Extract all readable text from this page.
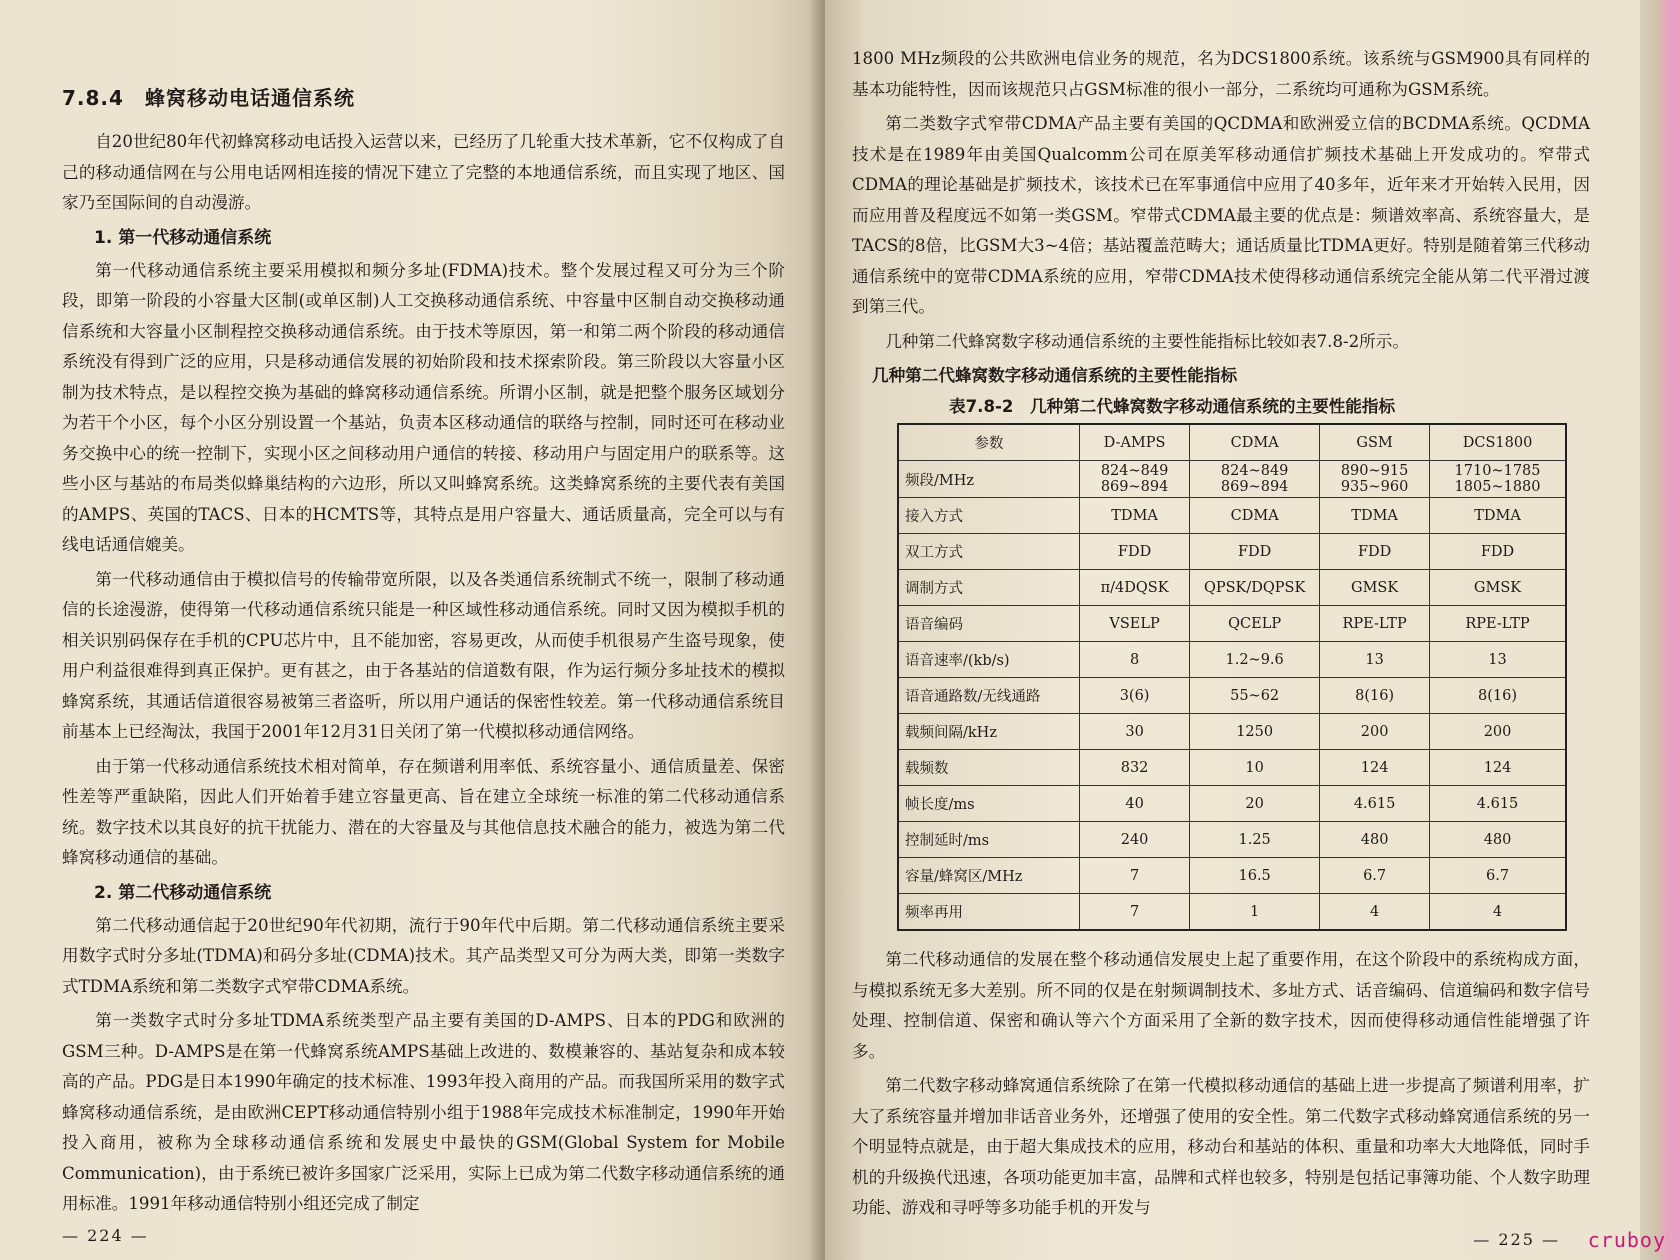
7.8.4　蜂窝移动电话通信系统

自20世纪80年代初蜂窝移动电话投入运营以来，已经历了几轮重大技术革新，它不仅构成了自己的移动通信网在与公用电话网相连接的情况下建立了完整的本地通信系统，而且实现了地区、国家乃至国际间的自动漫游。

1. 第一代移动通信系统

第一代移动通信系统主要采用模拟和频分多址(FDMA)技术。整个发展过程又可分为三个阶段，即第一阶段的小容量大区制(或单区制)人工交换移动通信系统、中容量中区制自动交换移动通信系统和大容量小区制程控交换移动通信系统。由于技术等原因，第一和第二两个阶段的移动通信系统没有得到广泛的应用，只是移动通信发展的初始阶段和技术探索阶段。第三阶段以大容量小区制为技术特点，是以程控交换为基础的蜂窝移动通信系统。所谓小区制，就是把整个服务区域划分为若干个小区，每个小区分别设置一个基站，负责本区移动通信的联络与控制，同时还可在移动业务交换中心的统一控制下，实现小区之间移动用户通信的转接、移动用户与固定用户的联系等。这些小区与基站的布局类似蜂巢结构的六边形，所以又叫蜂窝系统。这类蜂窝系统的主要代表有美国的AMPS、英国的TACS、日本的HCMTS等，其特点是用户容量大、通话质量高，完全可以与有线电话通信媲美。

第一代移动通信由于模拟信号的传输带宽所限，以及各类通信系统制式不统一，限制了移动通信的长途漫游，使得第一代移动通信系统只能是一种区域性移动通信系统。同时又因为模拟手机的相关识别码保存在手机的CPU芯片中，且不能加密，容易更改，从而使手机很易产生盗号现象，使用户利益很难得到真正保护。更有甚之，由于各基站的信道数有限，作为运行频分多址技术的模拟蜂窝系统，其通话信道很容易被第三者盗听，所以用户通话的保密性较差。第一代移动通信系统目前基本上已经淘汰，我国于2001年12月31日关闭了第一代模拟移动通信网络。

由于第一代移动通信系统技术相对简单，存在频谱利用率低、系统容量小、通信质量差、保密性差等严重缺陷，因此人们开始着手建立容量更高、旨在建立全球统一标准的第二代移动通信系统。数字技术以其良好的抗干扰能力、潜在的大容量及与其他信息技术融合的能力，被选为第二代蜂窝移动通信的基础。

2. 第二代移动通信系统

第二代移动通信起于20世纪90年代初期，流行于90年代中后期。第二代移动通信系统主要采用数字式时分多址(TDMA)和码分多址(CDMA)技术。其产品类型又可分为两大类，即第一类数字式TDMA系统和第二类数字式窄带CDMA系统。

第一类数字式时分多址TDMA系统类型产品主要有美国的D-AMPS、日本的PDG和欧洲的GSM三种。D-AMPS是在第一代蜂窝系统AMPS基础上改进的、数模兼容的、基站复杂和成本较高的产品。PDG是日本1990年确定的技术标准、1993年投入商用的产品。而我国所采用的数字式蜂窝移动通信系统，是由欧洲CEPT移动通信特别小组于1988年完成技术标准制定，1990年开始投入商用，被称为全球移动通信系统和发展史中最快的GSM(Global System for Mobile Communication)，由于系统已被许多国家广泛采用，实际上已成为第二代数字移动通信系统的通用标准。1991年移动通信特别小组还完成了制定

— 224 —

1800 MHz频段的公共欧洲电信业务的规范，名为DCS1800系统。该系统与GSM900具有同样的基本功能特性，因而该规范只占GSM标准的很小一部分，二系统均可通称为GSM系统。

第二类数字式窄带CDMA产品主要有美国的QCDMA和欧洲爱立信的BCDMA系统。QCDMA技术是在1989年由美国Qualcomm公司在原美军移动通信扩频技术基础上开发成功的。窄带式CDMA的理论基础是扩频技术，该技术已在军事通信中应用了40多年，近年来才开始转入民用，因而应用普及程度远不如第一类GSM。窄带式CDMA最主要的优点是：频谱效率高、系统容量大，是TACS的8倍，比GSM大3~4倍；基站覆盖范畴大；通话质量比TDMA更好。特别是随着第三代移动通信系统中的宽带CDMA系统的应用，窄带CDMA技术使得移动通信系统完全能从第二代平滑过渡到第三代。

几种第二代蜂窝数字移动通信系统的主要性能指标比较如表7.8-2所示。

几种第二代蜂窝数字移动通信系统的主要性能指标
表7.8-2　几种第二代蜂窝数字移动通信系统的主要性能指标
参数	D-AMPS	CDMA	GSM	DCS1800
频段/MHz	824~849 869~894	824~849 869~894	890~915 935~960	1710~1785 1805~1880
接入方式	TDMA	CDMA	TDMA	TDMA
双工方式	FDD	FDD	FDD	FDD
调制方式	π/4DQSK	QPSK/DQPSK	GMSK	GMSK
语音编码	VSELP	QCELP	RPE-LTP	RPE-LTP
语音速率/(kb/s)	8	1.2~9.6	13	13
语音通路数/无线通路	3(6)	55~62	8(16)	8(16)
载频间隔/kHz	30	1250	200	200
载频数	832	10	124	124
帧长度/ms	40	20	4.615	4.615
控制延时/ms	240	1.25	480	480
容量/蜂窝区/MHz	7	16.5	6.7	6.7
频率再用	7	1	4	4

第二代移动通信的发展在整个移动通信发展史上起了重要作用，在这个阶段中的系统构成方面，与模拟系统无多大差别。所不同的仅是在射频调制技术、多址方式、话音编码、信道编码和数字信号处理、控制信道、保密和确认等六个方面采用了全新的数字技术，因而使得移动通信性能增强了许多。

第二代数字移动蜂窝通信系统除了在第一代模拟移动通信的基础上进一步提高了频谱利用率，扩大了系统容量并增加非话音业务外，还增强了使用的安全性。第二代数字式移动蜂窝通信系统的另一个明显特点就是，由于超大集成技术的应用，移动台和基站的体积、重量和功率大大地降低，同时手机的升级换代迅速，各项功能更加丰富，品牌和式样也较多，特别是包括记事簿功能、个人数字助理功能、游戏和寻呼等多功能手机的开发与

— 225 —	cruboy
